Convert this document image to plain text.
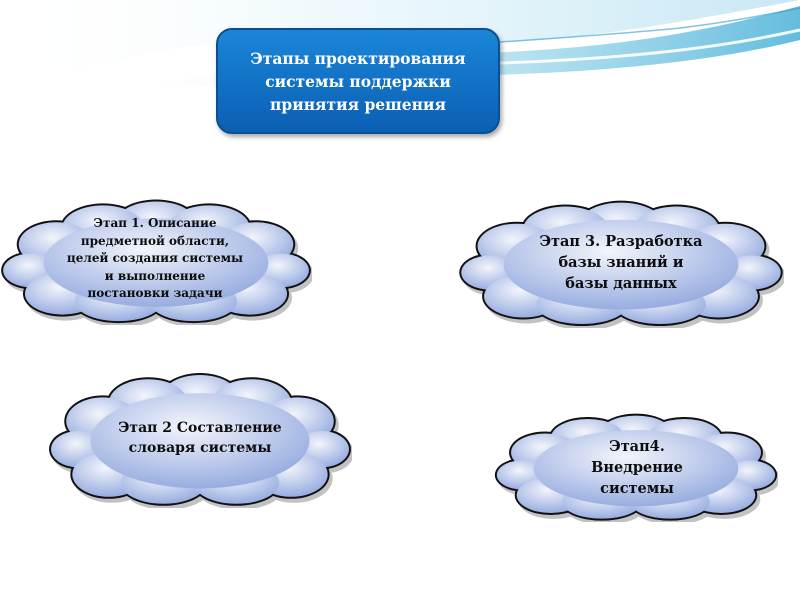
Этапы проектирования
системы поддержки
принятия решения
Этап 1. Описание
предметной области,
целей создания системы
и выполнение
постановки задачи
Этап 3. Разработка
базы знаний и
базы данных
Этап 2 Составление
словаря системы	Этап4.
Внедрение
системы
